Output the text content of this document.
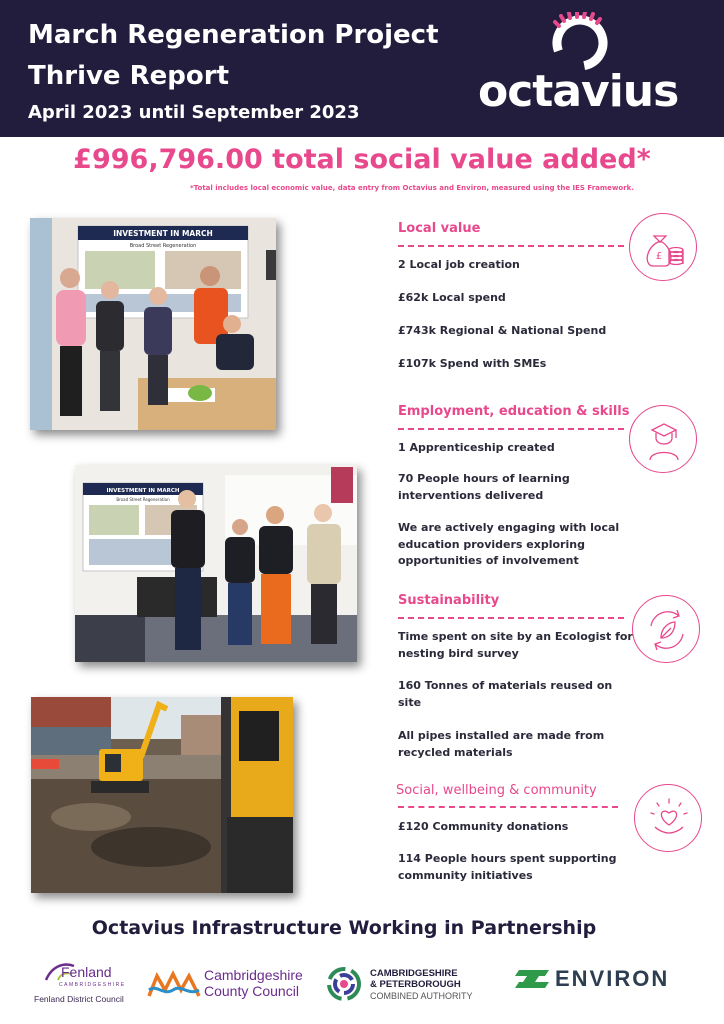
March Regeneration Project
Thrive Report
April 2023 until September 2023	octavius
£996,796.00 total social value added*
*Total includes local economic value, data entry from Octavius and Environ, measured using the IES Framework.
INVESTMENT IN MARCH
Broad Street Regeneration
INVESTMENT IN MARCH
Broad Street Regeneration
Local value
2 Local job creation
£62k Local spend
£743k Regional & National Spend
£107k Spend with SMEs
£
Employment, education & skills
1 Apprenticeship created
70 People hours of learning interventions delivered
We are actively engaging with local education providers exploring opportunities of involvement
Sustainability
Time spent on site by an Ecologist for nesting bird survey
160 Tonnes of materials reused on site
All pipes installed are made from recycled materials
Social, wellbeing & community
£120 Community donations
114 People hours spent supporting community initiatives
Octavius Infrastructure Working in Partnership
Fenland
CAMBRIDGESHIRE
Fenland District Council
Cambridgeshire
County Council
CAMBRIDGESHIRE
& PETERBOROUGH
COMBINED AUTHORITY
ENVIRON
